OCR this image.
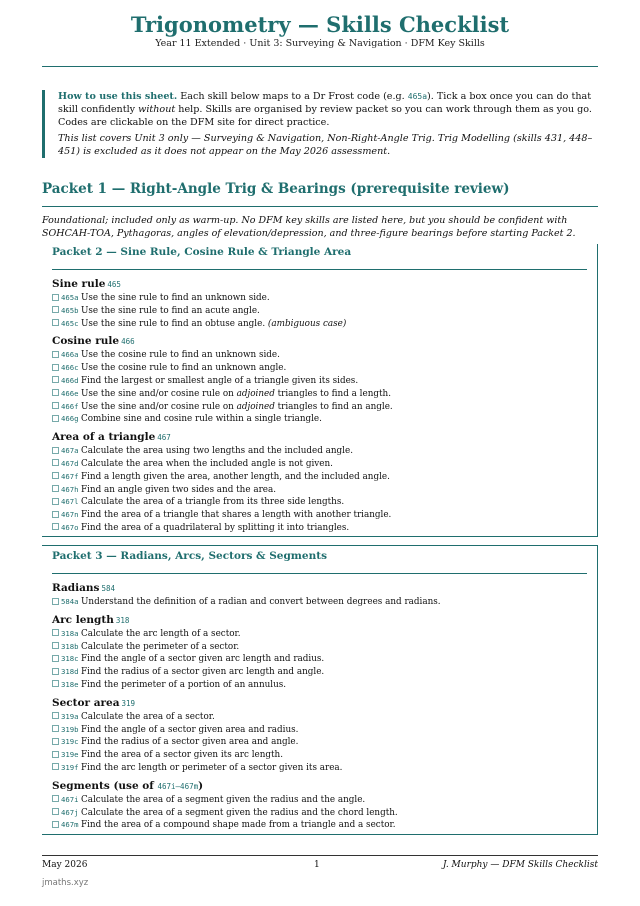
Trigonometry — Skills Checklist
Year 11 Extended · Unit 3: Surveying & Navigation · DFM Key Skills

How to use this sheet. Each skill below maps to a Dr Frost code (e.g. 465a). Tick a box once you can do that skill confidently without help. Skills are organised by review packet so you can work through them as you go. Codes are clickable on the DFM site for direct practice.

This list covers Unit 3 only — Surveying & Navigation, Non-Right-Angle Trig. Trig Modelling (skills 431, 448–451) is excluded as it does not appear on the May 2026 assessment.

Packet 1 — Right-Angle Trig & Bearings (prerequisite review)
Foundational; included only as warm-up. No DFM key skills are listed here, but you should be confident with SOHCAH-TOA, Pythagoras, angles of elevation/depression, and three-figure bearings before starting Packet 2.
Packet 2 — Sine Rule, Cosine Rule & Triangle Area
Sine rule 465
465a Use the sine rule to find an unknown side.
465b Use the sine rule to find an acute angle.
465c Use the sine rule to find an obtuse angle. (ambiguous case)
Cosine rule 466
466a Use the cosine rule to find an unknown side.
466c Use the cosine rule to find an unknown angle.
466d Find the largest or smallest angle of a triangle given its sides.
466e Use the sine and/or cosine rule on adjoined triangles to find a length.
466f Use the sine and/or cosine rule on adjoined triangles to find an angle.
466g Combine sine and cosine rule within a single triangle.
Area of a triangle 467
467a Calculate the area using two lengths and the included angle.
467d Calculate the area when the included angle is not given.
467f Find a length given the area, another length, and the included angle.
467h Find an angle given two sides and the area.
467l Calculate the area of a triangle from its three side lengths.
467n Find the area of a triangle that shares a length with another triangle.
467o Find the area of a quadrilateral by splitting it into triangles.
Packet 3 — Radians, Arcs, Sectors & Segments
Radians 584
584a Understand the definition of a radian and convert between degrees and radians.
Arc length 318
318a Calculate the arc length of a sector.
318b Calculate the perimeter of a sector.
318c Find the angle of a sector given arc length and radius.
318d Find the radius of a sector given arc length and angle.
318e Find the perimeter of a portion of an annulus.
Sector area 319
319a Calculate the area of a sector.
319b Find the angle of a sector given area and radius.
319c Find the radius of a sector given area and angle.
319e Find the area of a sector given its arc length.
319f Find the arc length or perimeter of a sector given its area.
Segments (use of 467i–467m)
467i Calculate the area of a segment given the radius and the angle.
467j Calculate the area of a segment given the radius and the chord length.
467m Find the area of a compound shape made from a triangle and a sector.
May 2026	1	J. Murphy — DFM Skills Checklist
jmaths.xyz
